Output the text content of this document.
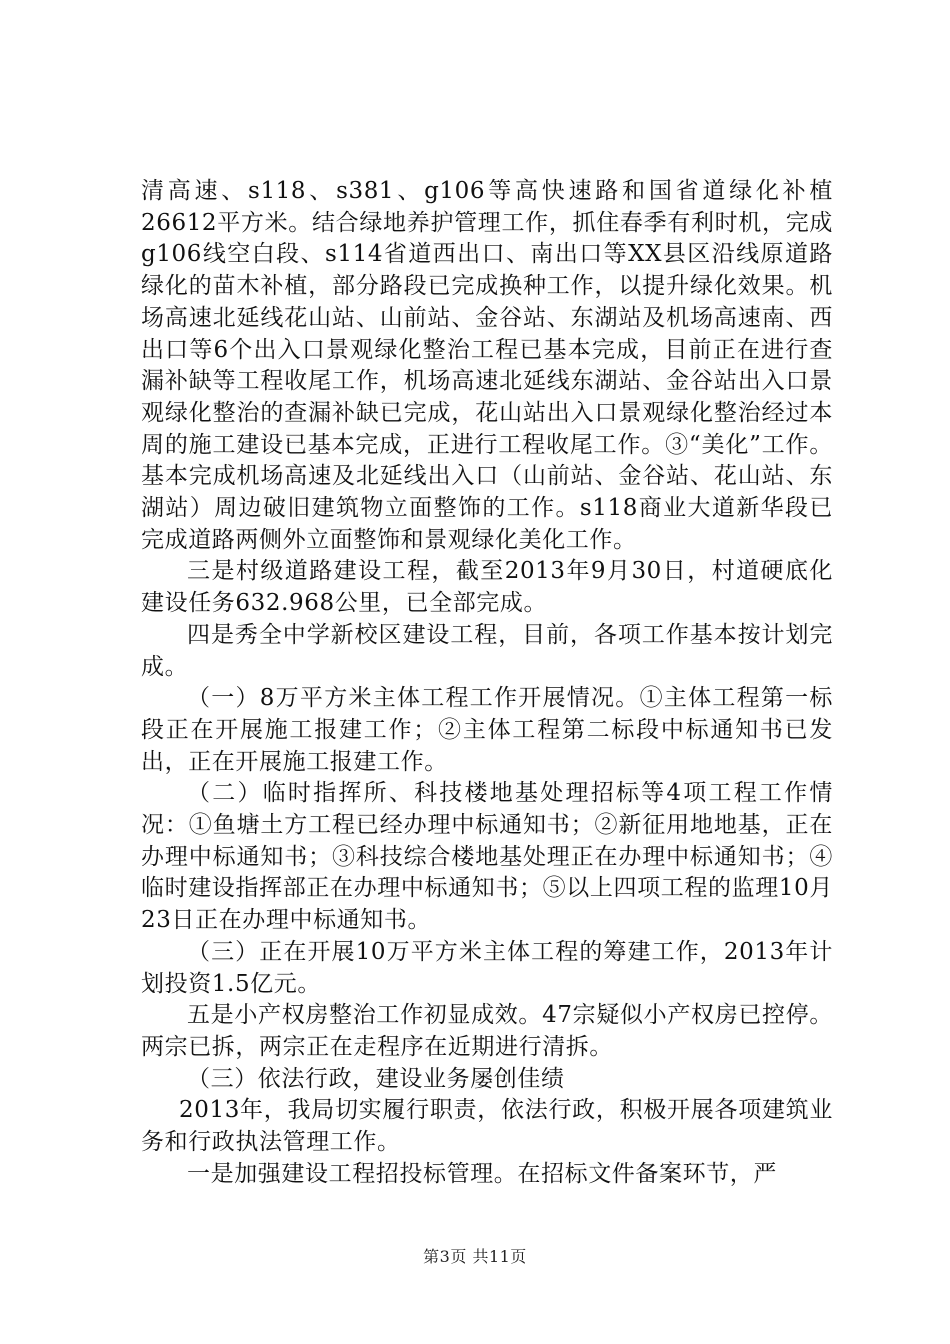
清高速、s118、s381、g106等高快速路和国省道绿化补植26612平方米。结合绿地养护管理工作，抓住春季有利时机，完成g106线空白段、s114省道西出口、南出口等XX县区沿线原道路绿化的苗木补植，部分路段已完成换种工作，以提升绿化效果。机场高速北延线花山站、山前站、金谷站、东湖站及机场高速南、西出口等6个出入口景观绿化整治工程已基本完成，目前正在进行查漏补缺等工程收尾工作，机场高速北延线东湖站、金谷站出入口景观绿化整治的查漏补缺已完成，花山站出入口景观绿化整治经过本周的施工建设已基本完成，正进行工程收尾工作。③“美化”工作。基本完成机场高速及北延线出入口（山前站、金谷站、花山站、东湖站）周边破旧建筑物立面整饰的工作。s118商业大道新华段已完成道路两侧外立面整饰和景观绿化美化工作。

三是村级道路建设工程，截至2013年9月30日，村道硬底化建设任务632.968公里，已全部完成。

四是秀全中学新校区建设工程，目前，各项工作基本按计划完成。

（一）8万平方米主体工程工作开展情况。①主体工程第一标段正在开展施工报建工作；②主体工程第二标段中标通知书已发出，正在开展施工报建工作。

（二）临时指挥所、科技楼地基处理招标等4项工程工作情况：①鱼塘土方工程已经办理中标通知书；②新征用地地基，正在办理中标通知书；③科技综合楼地基处理正在办理中标通知书；④临时建设指挥部正在办理中标通知书；⑤以上四项工程的监理10月23日正在办理中标通知书。

（三）正在开展10万平方米主体工程的筹建工作，2013年计划投资1.5亿元。

五是小产权房整治工作初显成效。47宗疑似小产权房已控停。两宗已拆，两宗正在走程序在近期进行清拆。

（三）依法行政，建设业务屡创佳绩

2013年，我局切实履行职责，依法行政，积极开展各项建筑业务和行政执法管理工作。

一是加强建设工程招投标管理。在招标文件备案环节，严

第3页 共11页
